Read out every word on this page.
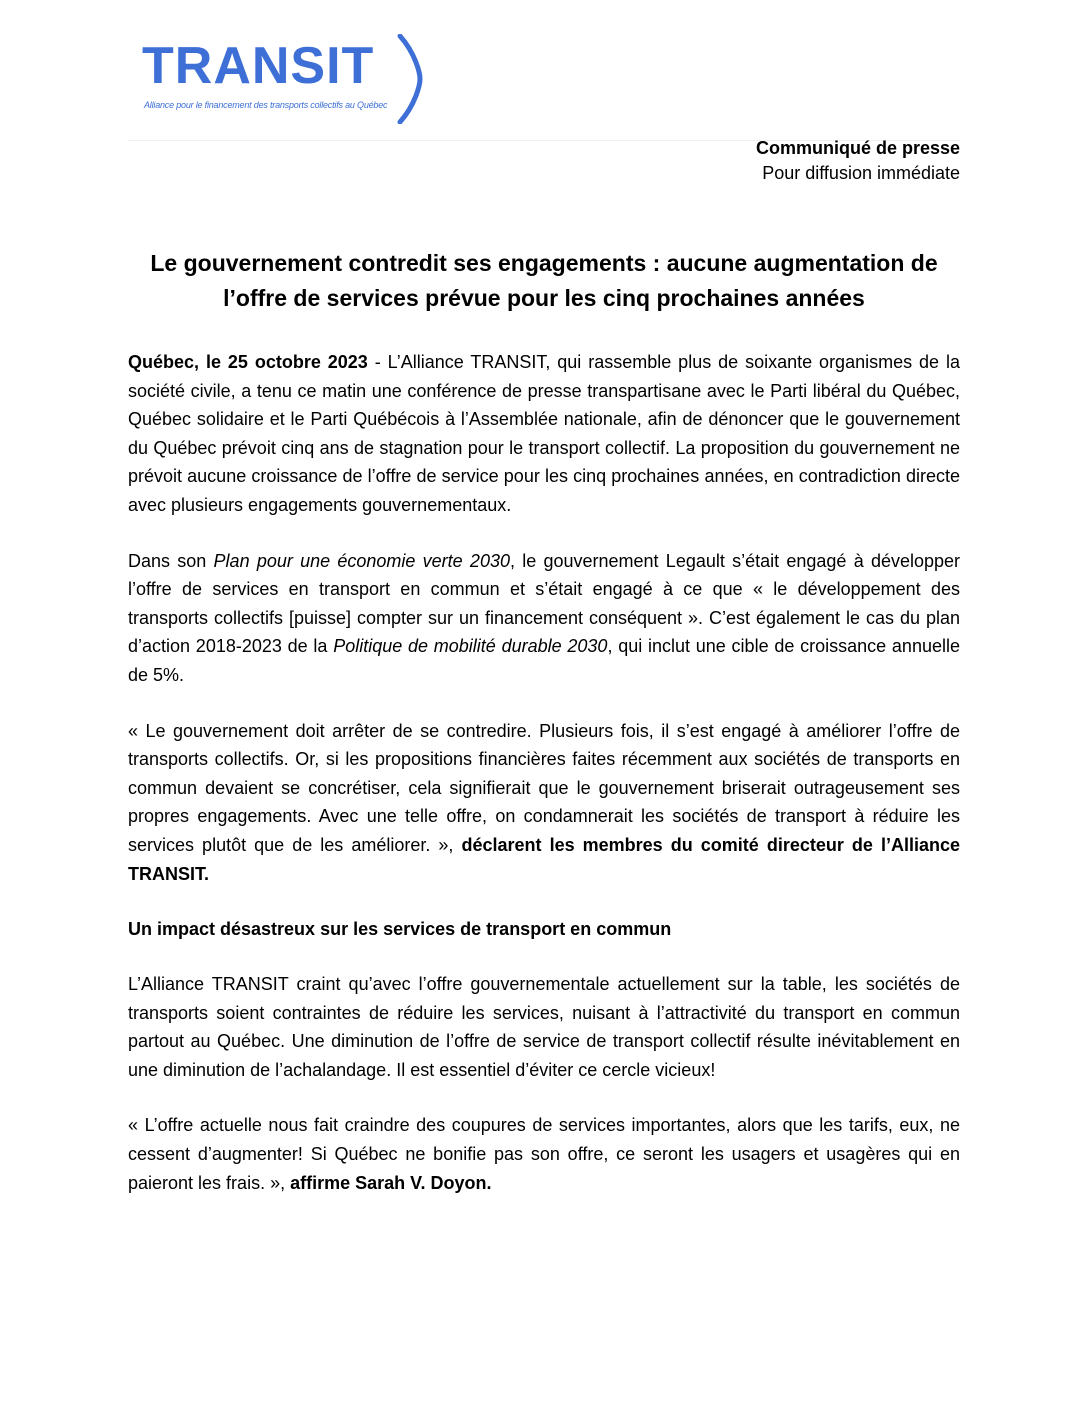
TRANSIT
Alliance pour le financement des transports collectifs au Québec
Communiqué de presse
Pour diffusion immédiate
Le gouvernement contredit ses engagements : aucune augmentation de l’offre de services prévue pour les cinq prochaines années

Québec, le 25 octobre 2023 - L’Alliance TRANSIT, qui rassemble plus de soixante organismes de la société civile, a tenu ce matin une conférence de presse transpartisane avec le Parti libéral du Québec, Québec solidaire et le Parti Québécois à l’Assemblée nationale, afin de dénoncer que le gouvernement du Québec prévoit cinq ans de stagnation pour le transport collectif. La proposition du gouvernement ne prévoit aucune croissance de l’offre de service pour les cinq prochaines années, en contradiction directe avec plusieurs engagements gouvernementaux.

Dans son Plan pour une économie verte 2030, le gouvernement Legault s’était engagé à développer l’offre de services en transport en commun et s’était engagé à ce que « le développement des transports collectifs [puisse] compter sur un financement conséquent ». C’est également le cas du plan d’action 2018-2023 de la Politique de mobilité durable 2030, qui inclut une cible de croissance annuelle de 5%.

« Le gouvernement doit arrêter de se contredire. Plusieurs fois, il s’est engagé à améliorer l’offre de transports collectifs. Or, si les propositions financières faites récemment aux sociétés de transports en commun devaient se concrétiser, cela signifierait que le gouvernement briserait outrageusement ses propres engagements. Avec une telle offre, on condamnerait les sociétés de transport à réduire les services plutôt que de les améliorer. », déclarent les membres du comité directeur de l’Alliance TRANSIT.

Un impact désastreux sur les services de transport en commun

L’Alliance TRANSIT craint qu’avec l’offre gouvernementale actuellement sur la table, les sociétés de transports soient contraintes de réduire les services, nuisant à l’attractivité du transport en commun partout au Québec. Une diminution de l’offre de service de transport collectif résulte inévitablement en une diminution de l’achalandage. Il est essentiel d’éviter ce cercle vicieux!

« L’offre actuelle nous fait craindre des coupures de services importantes, alors que les tarifs, eux, ne cessent d’augmenter! Si Québec ne bonifie pas son offre, ce seront les usagers et usagères qui en paieront les frais. », affirme Sarah V. Doyon.
